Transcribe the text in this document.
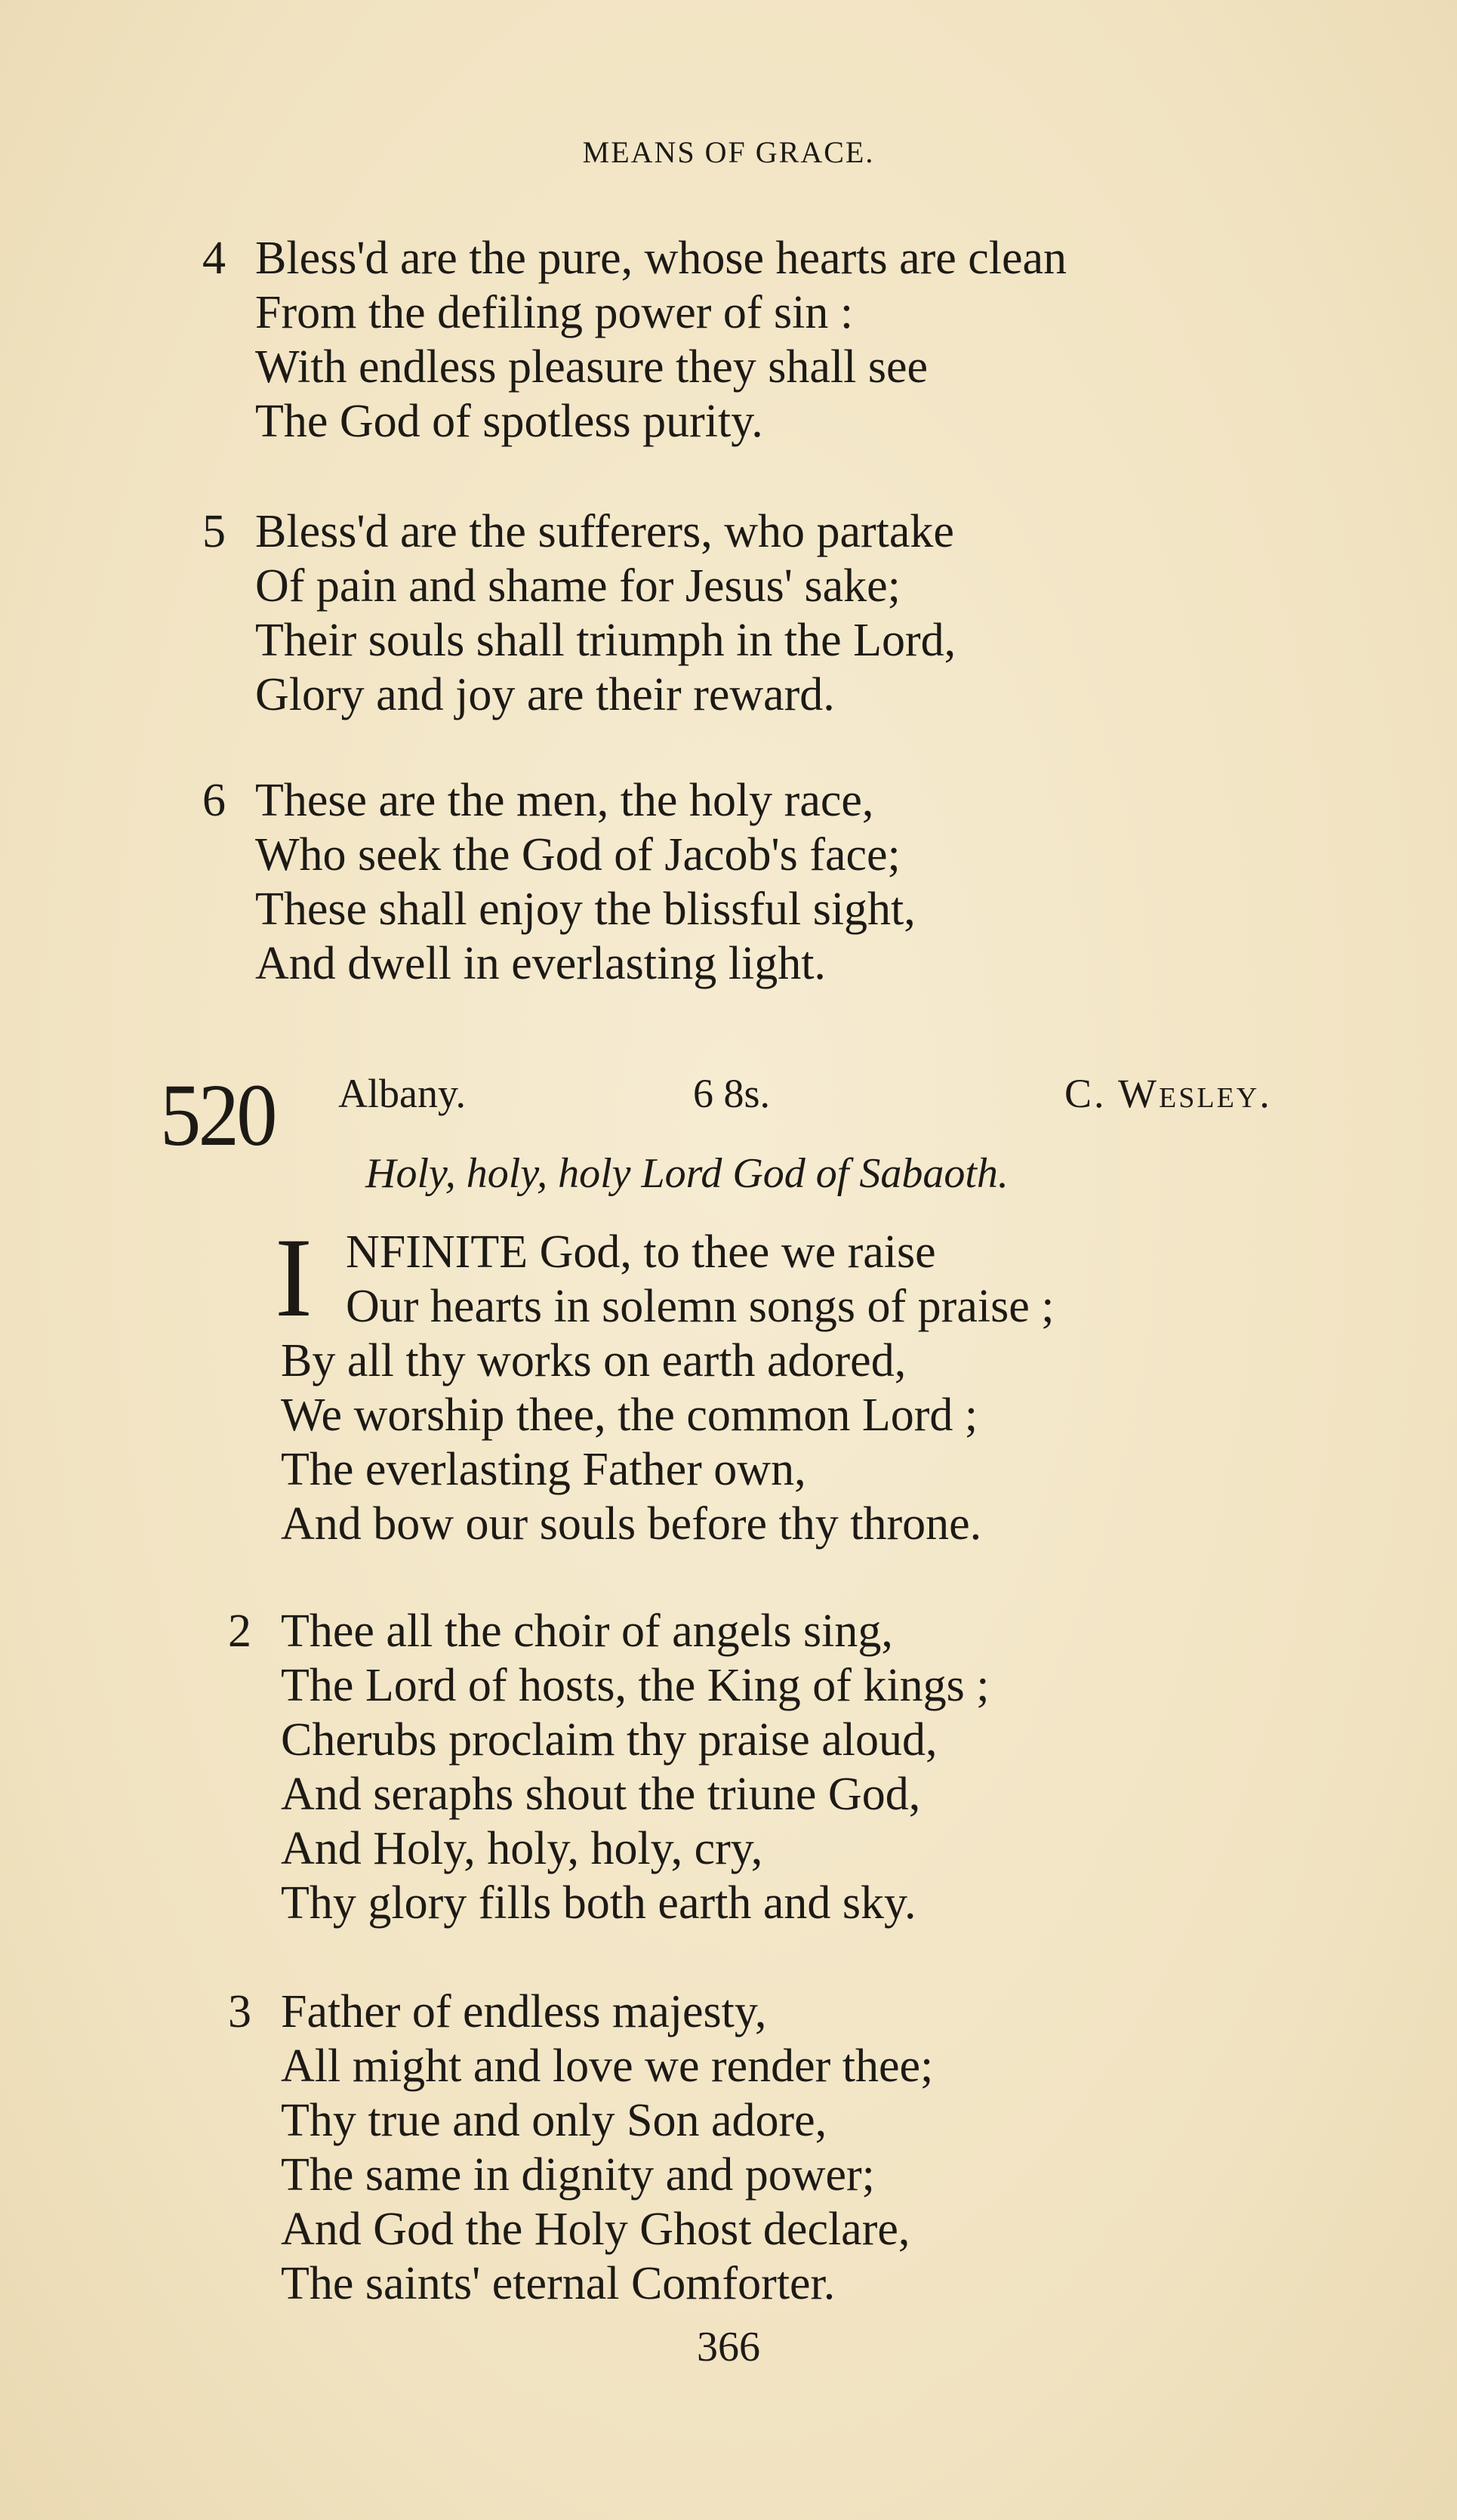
MEANS OF GRACE.
4 Bless'd are the pure, whose hearts are clean
From the defiling power of sin :
With endless pleasure they shall see
The God of spotless purity.
5 Bless'd are the sufferers, who partake
Of pain and shame for Jesus' sake;
Their souls shall triumph in the Lord,
Glory and joy are their reward.
6 These are the men, the holy race,
Who seek the God of Jacob's face;
These shall enjoy the blissful sight,
And dwell in everlasting light.
520 Albany.	6 8s.	C. Wesley.
Holy, holy, holy Lord God of Sabaoth.
I NFINITE God, to thee we raise
Our hearts in solemn songs of praise ;
By all thy works on earth adored,
We worship thee, the common Lord ;
The everlasting Father own,
And bow our souls before thy throne.
2 Thee all the choir of angels sing,
The Lord of hosts, the King of kings ;
Cherubs proclaim thy praise aloud,
And seraphs shout the triune God,
And Holy, holy, holy, cry,
Thy glory fills both earth and sky.
3 Father of endless majesty,
All might and love we render thee;
Thy true and only Son adore,
The same in dignity and power;
And God the Holy Ghost declare,
The saints' eternal Comforter.
366
